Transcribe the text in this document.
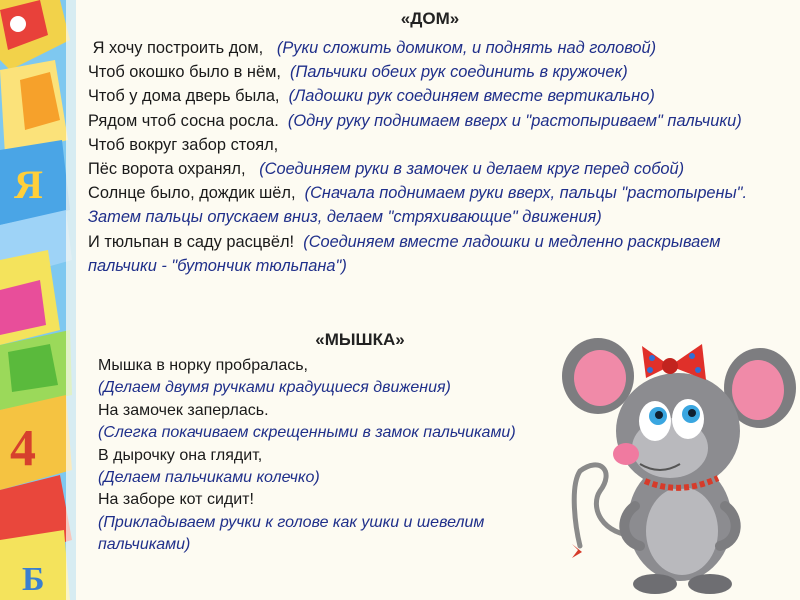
Я
4
Б
«ДОМ»
Я хочу построить дом,   (Руки сложить домиком, и поднять над головой)
Чтоб окошко было в нём,  (Пальчики обеих рук соединить в кружочек)
Чтоб у дома дверь была,  (Ладошки рук соединяем вместе вертикально)
Рядом чтоб сосна росла.  (Одну руку поднимаем вверх и "растопыриваем" пальчики)
Чтоб вокруг забор стоял,
Пёс ворота охранял,   (Соединяем руки в замочек и делаем круг перед собой)
Солнце было, дождик шёл,  (Сначала поднимаем руки вверх, пальцы "растопырены". Затем пальцы опускаем вниз, делаем "стряхивающие" движения)
И тюльпан в саду расцвёл!  (Соединяем вместе ладошки и медленно раскрываем пальчики - "бутончик тюльпана")
«МЫШКА»
Мышка в норку пробралась,
(Делаем двумя ручками крадущиеся движения)
На замочек заперлась.
(Слегка покачиваем скрещенными в замок пальчиками)
В дырочку она глядит,
(Делаем пальчиками колечко)
На заборе кот сидит!
(Прикладываем ручки к голове как ушки и шевелим пальчиками)
